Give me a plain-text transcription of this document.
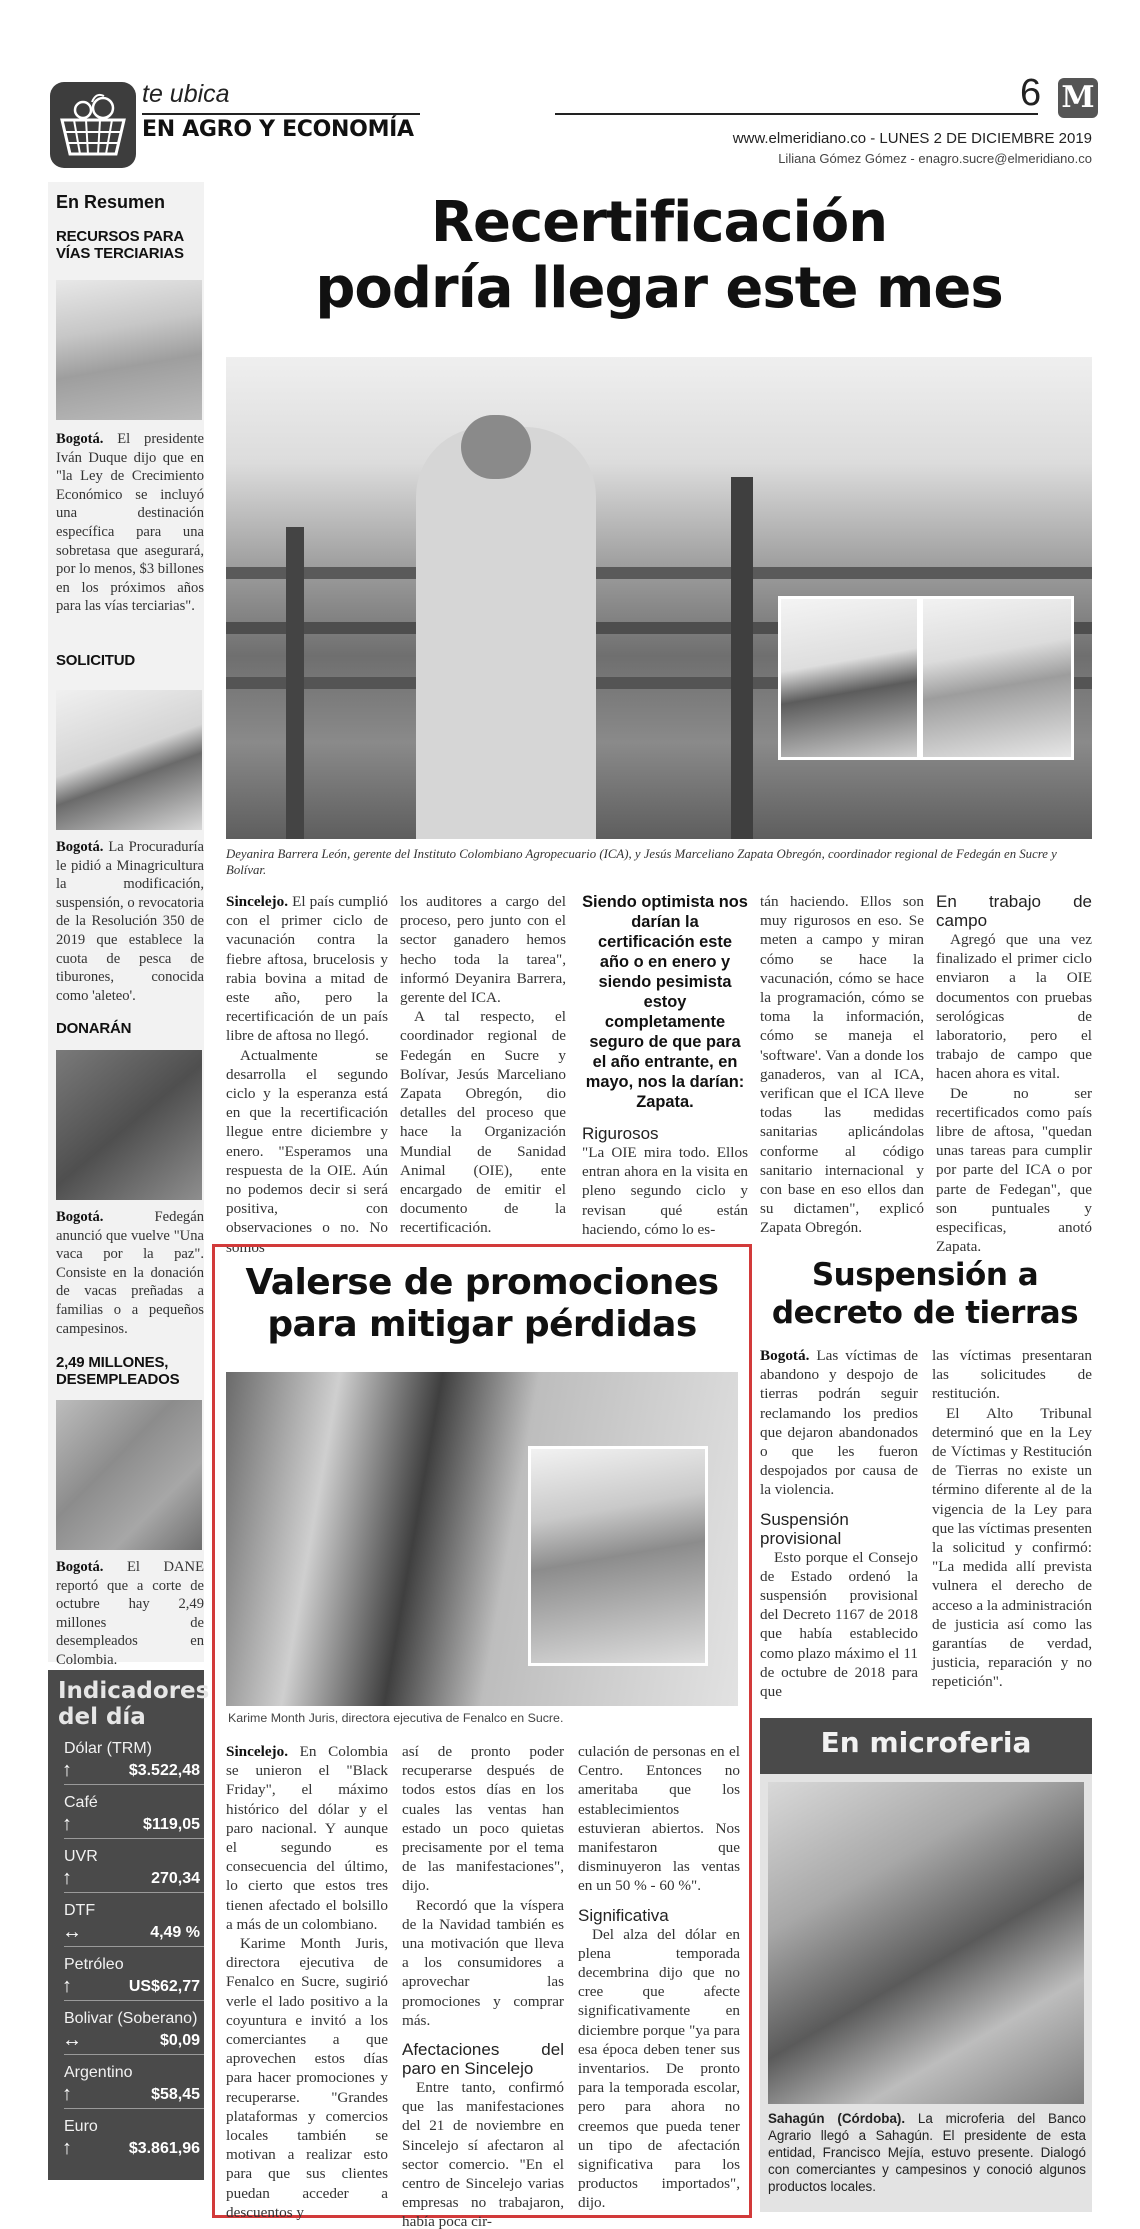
te ubica
EN AGRO Y ECONOMÍA
6 M
www.elmeridiano.co - LUNES 2 DE DICIEMBRE 2019
Liliana Gómez Gómez - enagro.sucre@elmeridiano.co
En Resumen
RECURSOS PARA VÍAS TERCIARIAS
Bogotá. El presidente Iván Duque dijo que en "la Ley de Crecimiento Económico se incluyó una destinación específica para una sobretasa que asegurará, por lo menos, $3 billones en los próximos años para las vías terciarias".
SOLICITUD
Bogotá. La Procuraduría le pidió a Minagricultura la modificación, suspensión, o revocatoria de la Resolución 350 de 2019 que establece la cuota de pesca de tiburones, conocida como 'aleteo'.
DONARÁN
Bogotá. Fedegán anunció que vuelve "Una vaca por la paz". Consiste en la donación de vacas preñadas a familias o a pequeños campesinos.
2,49 MILLONES, DESEMPLEADOS
Bogotá. El DANE reportó que a corte de octubre hay 2,49 millones de desempleados en Colombia.
Indicadores
del día
Dólar (TRM)
↑	$3.522,48
Café
↑	$119,05
UVR
↑	270,34
DTF
↔	4,49 %
Petróleo
↑	US$62,77
Bolivar (Soberano)
↔	$0,09
Argentino
↑	$58,45
Euro
↑	$3.861,96
Recertificación
podría llegar este mes
Deyanira Barrera León, gerente del Instituto Colombiano Agropecuario (ICA), y Jesús Marceliano Zapata Obregón, coordinador regional de Fedegán en Sucre y Bolívar.

Sincelejo. El país cumplió con el primer ciclo de vacunación contra la fiebre aftosa, brucelosis y rabia bovina a mitad de este año, pero la recertificación de un país libre de aftosa no llegó.

Actualmente se desarrolla el segundo ciclo y la esperanza está en que la recertificación llegue entre diciembre y enero. "Esperamos una respuesta de la OIE. Aún no podemos decir si será positiva, con observaciones o no. No somos

los auditores a cargo del proceso, pero junto con el sector ganadero hemos hecho toda la tarea", informó Deyanira Barrera, gerente del ICA.

A tal respecto, el coordinador regional de Fedegán en Sucre y Bolívar, Jesús Marceliano Zapata Obregón, dio detalles del proceso que hace la Organización Mundial de Sanidad Animal (OIE), ente encargado de emitir el documento de la recertificación.

Siendo optimista nos darían la certificación este año o en enero y siendo pesimista estoy completamente seguro de que para el año entrante, en mayo, nos la darían: Zapata.

Rigurosos

"La OIE mira todo. Ellos entran ahora en la visita en pleno segundo ciclo y revisan qué están haciendo, cómo lo es-

tán haciendo. Ellos son muy rigurosos en eso. Se meten a campo y miran cómo se hace la vacunación, cómo se hace la programación, cómo se toma la información, cómo se maneja el 'software'. Van a donde los ganaderos, van al ICA, verifican que el ICA lleve todas las medidas sanitarias aplicándolas conforme al código sanitario internacional y con base en eso ellos dan su dictamen", explicó Zapata Obregón.

En trabajo de campo

Agregó que una vez finalizado el primer ciclo enviaron a la OIE documentos con pruebas serológicas de laboratorio, pero el trabajo de campo que hacen ahora es vital.

De no ser recertificados como país libre de aftosa, "quedan unas tareas para cumplir por parte del ICA o por parte de Fedegan", que son puntuales y especificas, anotó Zapata.

Valerse de promociones
para mitigar pérdidas
Karime Month Juris, directora ejecutiva de Fenalco en Sucre.

Sincelejo. En Colombia se unieron el "Black Friday", el máximo histórico del dólar y el paro nacional. Y aunque el segundo es consecuencia del último, lo cierto que estos tres tienen afectado el bolsillo a más de un colombiano.

Karime Month Juris, directora ejecutiva de Fenalco en Sucre, sugirió verle el lado positivo a la coyuntura e invitó a los comerciantes a que aprovechen estos días para hacer promociones y recuperarse. "Grandes plataformas y comercios locales también se motivan a realizar esto para que sus clientes puedan acceder a descuentos y

así de pronto poder recuperarse después de todos estos días en los cuales las ventas han estado un poco quietas precisamente por el tema de las manifestaciones", dijo.

Recordó que la víspera de la Navidad también es una motivación que lleva a los consumidores a aprovechar las promociones y comprar más.

Afectaciones del paro en Sincelejo

Entre tanto, confirmó que las manifestaciones del 21 de noviembre en Sincelejo sí afectaron al sector comercio. "En el centro de Sincelejo varias empresas no trabajaron, había poca cir-

culación de personas en el Centro. Entonces no ameritaba que los establecimientos estuvieran abiertos. Nos manifestaron que disminuyeron las ventas en un 50 % - 60 %".

Significativa

Del alza del dólar en plena temporada decembrina dijo que no cree que afecte significativamente en diciembre porque "ya para esa época deben tener sus inventarios. De pronto para la temporada escolar, pero para ahora no creemos que pueda tener un tipo de afectación significativa para los productos importados", dijo.

Suspensión a
decreto de tierras

Bogotá. Las víctimas de abandono y despojo de tierras podrán seguir reclamando los predios que dejaron abandonados o que les fueron despojados por causa de la violencia.

Suspensión provisional

Esto porque el Consejo de Estado ordenó la suspensión provisional del Decreto 1167 de 2018 que había establecido como plazo máximo el 11 de octubre de 2018 para que

las víctimas presentaran las solicitudes de restitución.

El Alto Tribunal determinó que en la Ley de Víctimas y Restitución de Tierras no existe un término diferente al de la vigencia de la Ley para que las víctimas presenten la solicitud y confirmó: "La medida allí prevista vulnera el derecho de acceso a la administración de justicia así como las garantías de verdad, justicia, reparación y no repetición".

En microferia
Sahagún (Córdoba). La microferia del Banco Agrario llegó a Sahagún. El presidente de esta entidad, Francisco Mejía, estuvo presente. Dialogó con comerciantes y campesinos y conoció algunos productos locales.
